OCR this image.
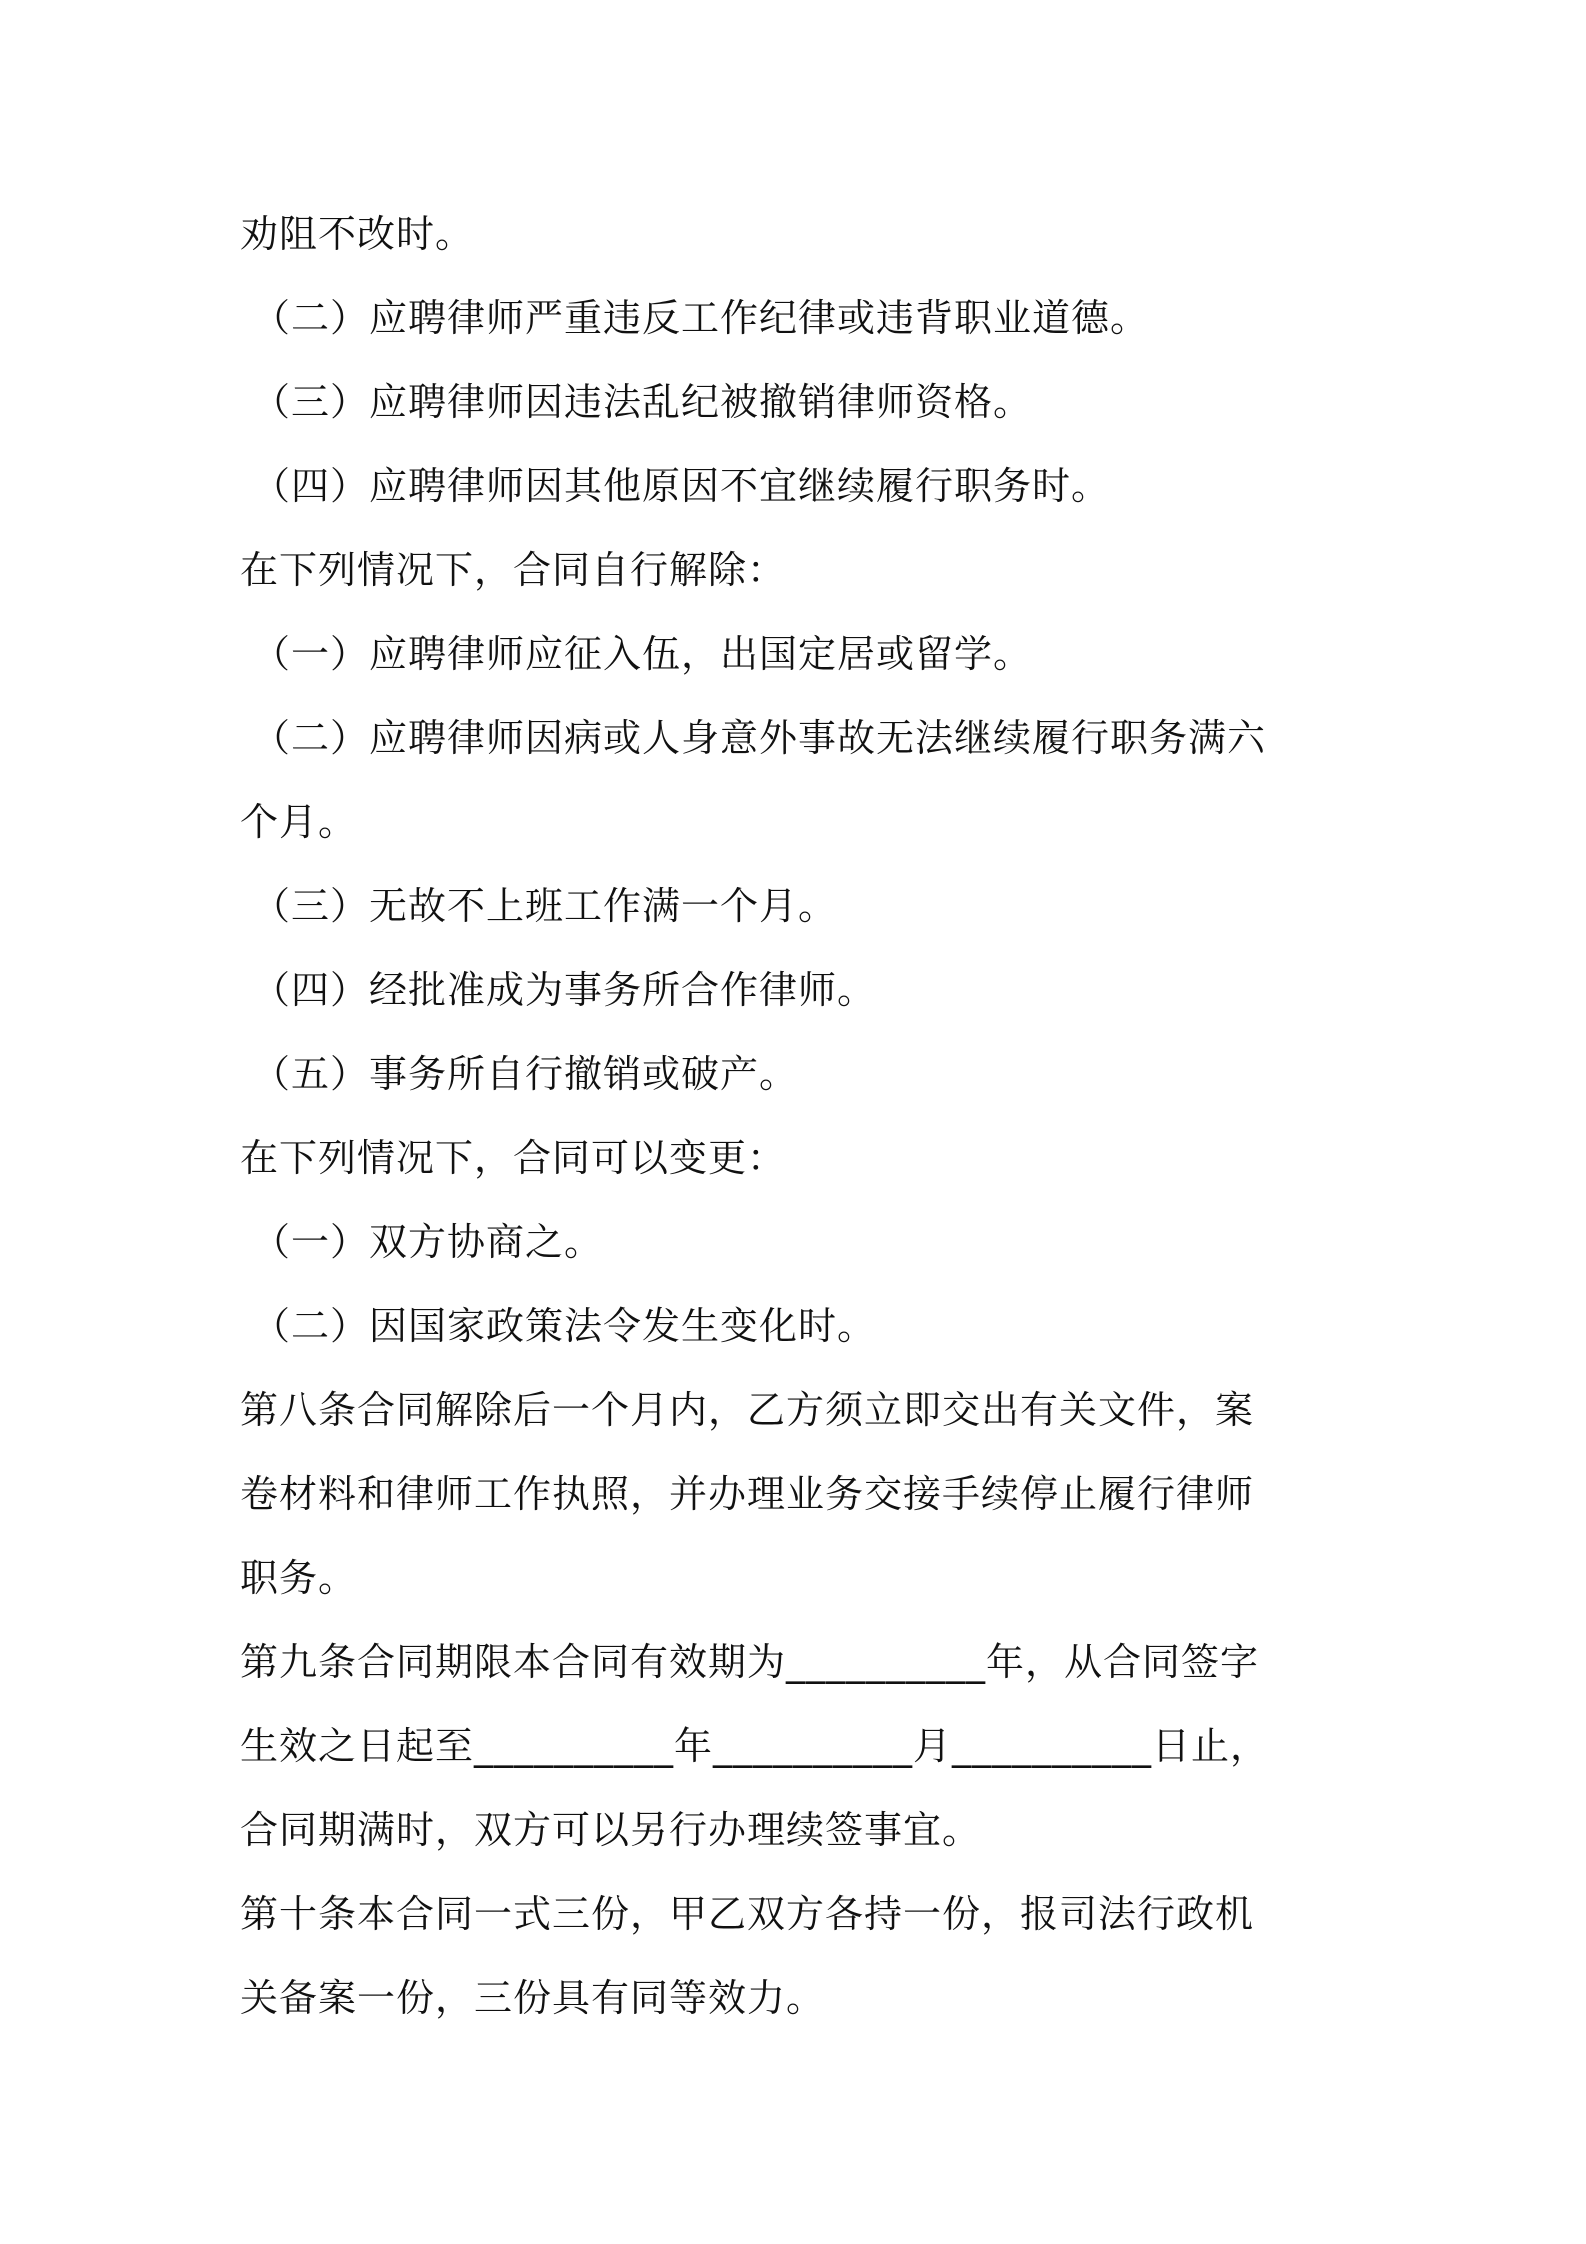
劝阻不改时。
（二）应聘律师严重违反工作纪律或违背职业道德。
（三）应聘律师因违法乱纪被撤销律师资格。
（四）应聘律师因其他原因不宜继续履行职务时。
在下列情况下，合同自行解除：
（一）应聘律师应征入伍，出国定居或留学。
（二）应聘律师因病或人身意外事故无法继续履行职务满六
个月。
（三）无故不上班工作满一个月。
（四）经批准成为事务所合作律师。
（五）事务所自行撤销或破产。
在下列情况下，合同可以变更：
（一）双方协商之。
（二）因国家政策法令发生变化时。
第八条合同解除后一个月内，乙方须立即交出有关文件，案
卷材料和律师工作执照，并办理业务交接手续停止履行律师
职务。
第九条合同期限本合同有效期为__________年，从合同签字
生效之日起至__________年__________月__________日止，
合同期满时，双方可以另行办理续签事宜。
第十条本合同一式三份，甲乙双方各持一份，报司法行政机
关备案一份，三份具有同等效力。
